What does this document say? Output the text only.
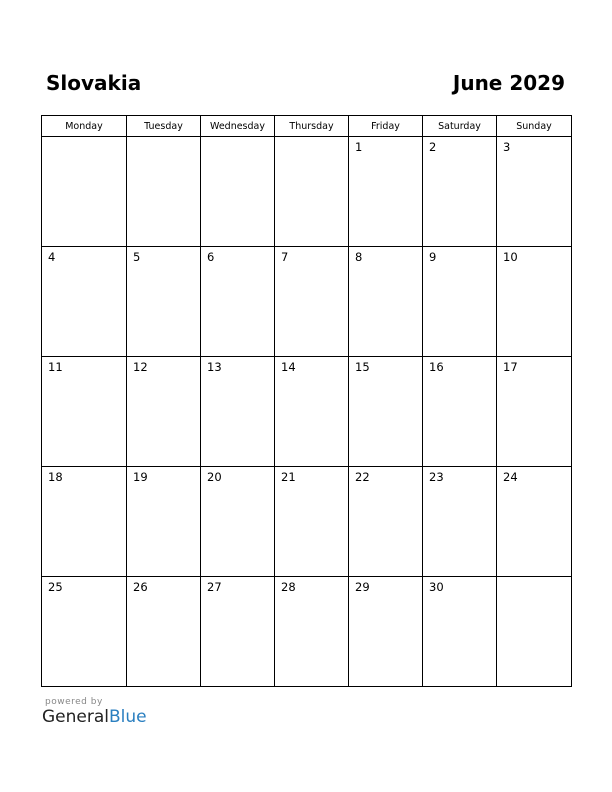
Slovakia	June 2029
Monday	Tuesday	Wednesday	Thursday	Friday	Saturday	Sunday

				1	2	3

4	5	6	7	8	9	10

11	12	13	14	15	16	17

18	19	20	21	22	23	24

25	26	27	28	29	30	

powered by
GeneralBlue
